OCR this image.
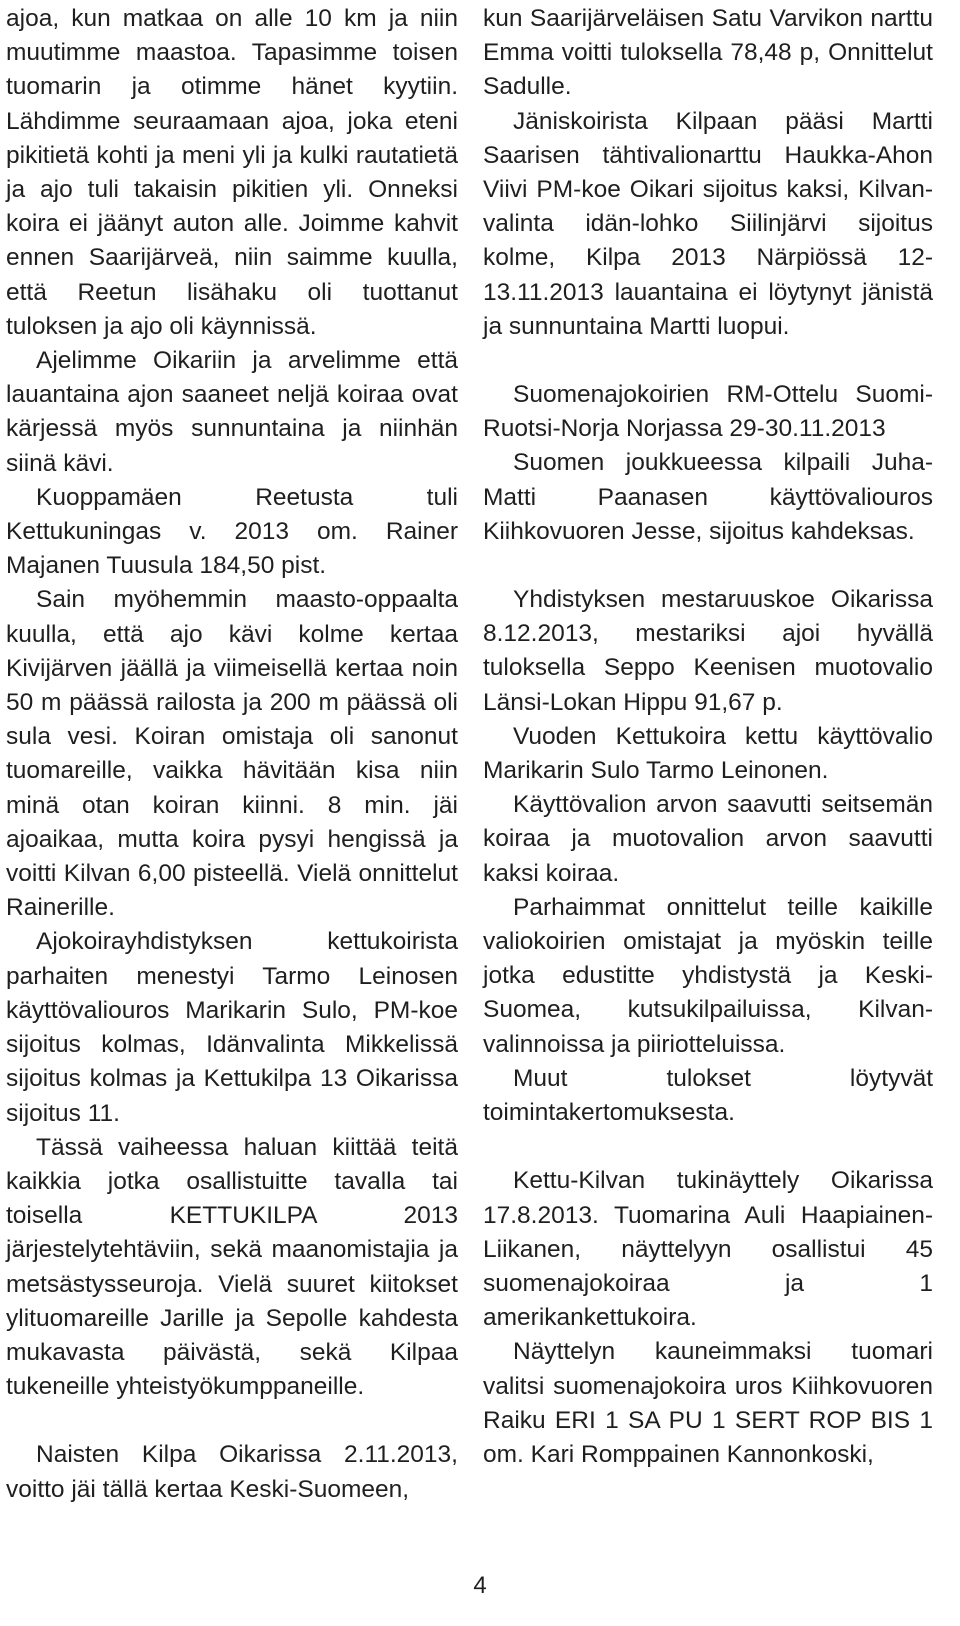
ajoa, kun matkaa on alle 10 km ja niin muutimme maastoa. Tapasimme toisen tuomarin ja otimme hänet kyytiin. Lähdimme seuraamaan ajoa, joka eteni pikitietä kohti ja meni yli ja kulki rautatietä ja ajo tuli takaisin pikitien yli. Onneksi koira ei jäänyt auton alle. Joimme kahvit ennen Saarijärveä, niin saimme kuulla, että Reetun lisähaku oli tuottanut tuloksen ja ajo oli käynnissä.

Ajelimme Oikariin ja arvelimme että lauantaina ajon saaneet neljä koiraa ovat kärjessä myös sunnuntaina ja niinhän siinä kävi.

Kuoppamäen Reetusta tuli Kettukuningas v. 2013 om. Rainer Majanen Tuusula 184,50 pist.

Sain myöhemmin maasto-oppaalta kuulla, että ajo kävi kolme kertaa Kivijärven jäällä ja viimeisellä kertaa noin 50 m päässä railosta ja 200 m päässä oli sula vesi. Koiran omistaja oli sanonut tuomareille, vaikka hävitään kisa niin minä otan koiran kiinni. 8 min. jäi ajoaikaa, mutta koira pysyi hengissä ja voitti Kilvan 6,00 pisteellä. Vielä onnittelut Rainerille.

Ajokoirayhdistyksen kettukoirista parhaiten menestyi Tarmo Leinosen käyttövaliouros Marikarin Sulo, PM-koe sijoitus kolmas, Idänvalinta Mikkelissä sijoitus kolmas ja Kettukilpa 13 Oikarissa sijoitus 11.

Tässä vaiheessa haluan kiittää teitä kaikkia jotka osallistuitte tavalla tai toisella KETTUKILPA 2013 järjestelytehtäviin, sekä maanomistajia ja metsästysseuroja. Vielä suuret kiitokset ylituomareille Jarille ja Sepolle kahdesta mukavasta päivästä, sekä Kilpaa tukeneille yhteistyökumppaneille.

Naisten Kilpa Oikarissa 2.11.2013, voitto jäi tällä kertaa Keski-Suomeen,

kun Saarijärveläisen Satu Varvikon narttu Emma voitti tuloksella 78,48 p, Onnittelut Sadulle.

Jäniskoirista Kilpaan pääsi Martti Saarisen tähtivalionarttu Haukka-Ahon Viivi PM-koe Oikari sijoitus kaksi, Kilvan-valinta idän-lohko Siilinjärvi sijoitus kolme, Kilpa 2013 Närpiössä 12-13.11.2013 lauantaina ei löytynyt jänistä ja sunnuntaina Martti luopui.

Suomenajokoirien RM-Ottelu Suomi-Ruotsi-Norja Norjassa 29-30.11.2013

Suomen joukkueessa kilpaili Juha-Matti Paanasen käyttövaliouros Kiihkovuoren Jesse, sijoitus kahdeksas.

Yhdistyksen mestaruuskoe Oikarissa 8.12.2013, mestariksi ajoi hyvällä tuloksella Seppo Keenisen muotovalio Länsi-Lokan Hippu 91,67 p.

Vuoden Kettukoira kettu käyttövalio Marikarin Sulo Tarmo Leinonen.

Käyttövalion arvon saavutti seitsemän koiraa ja muotovalion arvon saavutti kaksi koiraa.

Parhaimmat onnittelut teille kaikille valiokoirien omistajat ja myöskin teille jotka edustitte yhdistystä ja Keski-Suomea, kutsukilpailuissa, Kilvan-valinnoissa ja piiriotteluissa.

Muut tulokset löytyvät toimintakertomuksesta.

Kettu-Kilvan tukinäyttely Oikarissa 17.8.2013. Tuomarina Auli Haapiainen-Liikanen, näyttelyyn osallistui 45 suomenajokoiraa ja 1 amerikankettukoira.

Näyttelyn kauneimmaksi tuomari valitsi suomenajokoira uros Kiihkovuoren Raiku ERI 1 SA PU 1 SERT ROP BIS 1 om. Kari Romppainen Kannonkoski,

4
